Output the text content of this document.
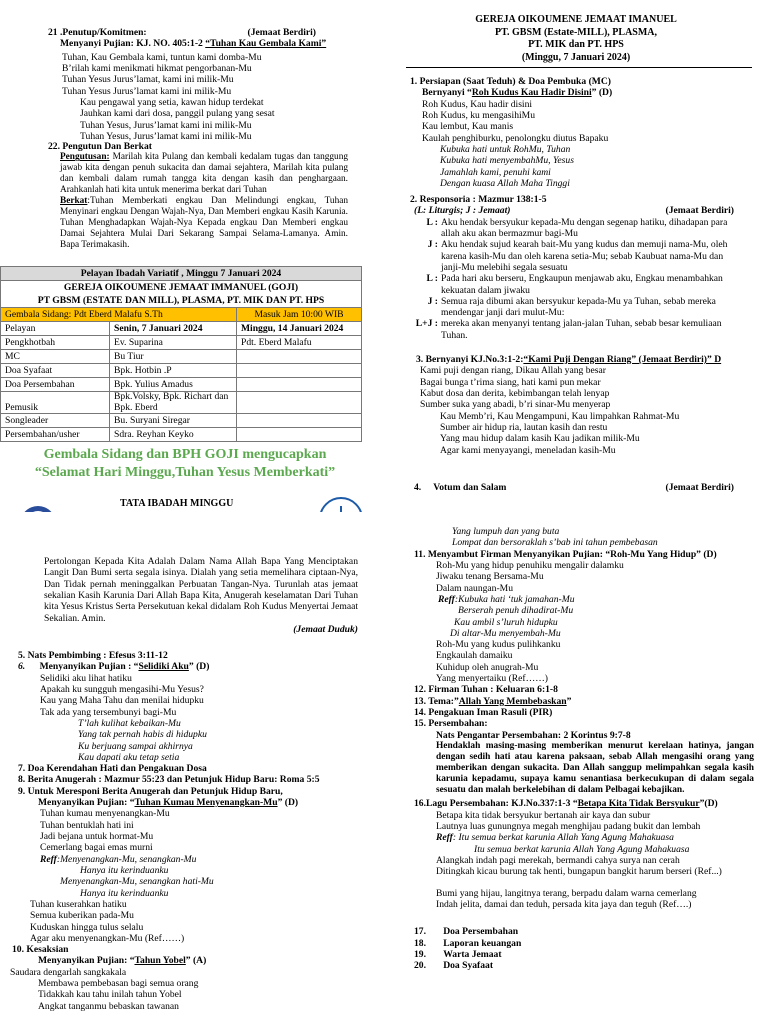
21 .Penutup/Komitmen:	(Jemaat Berdiri)
Menyanyi Pujian: KJ. NO. 405:1-2 “Tuhan Kau Gembala Kami”
Tuhan, Kau Gembala kami, tuntun kami domba-Mu
B’rilah kami menikmati hikmat pengorbanan-Mu
Tuhan Yesus Jurus’lamat, kami ini milik-Mu
Tuhan Yesus Jurus’lamat kami ini milik-Mu
Kau pengawal yang setia, kawan hidup terdekat
Jauhkan kami dari dosa, panggil pulang yang sesat
Tuhan Yesus, Jurus’lamat kami ini milik-Mu
Tuhan Yesus, Jurus’lamat kami ini milik-Mu
22. Pengutun Dan Berkat
Pengutusan: Marilah kita Pulang dan kembali kedalam tugas dan tanggung jawab kita dengan penuh sukacita dan damai sejahtera, Marilah kita pulang dan kembali dalam rumah tangga kita dengan kasih dan penghargaan. Arahkanlah hati kita untuk menerima berkat dari Tuhan
Berkat:Tuhan Memberkati engkau Dan Melindungi engkau, Tuhan Menyinari engkau Dengan Wajah-Nya, Dan Memberi engkau Kasih Karunia. Tuhan Menghadapkan Wajah-Nya Kepada engkau Dan Memberi engkau Damai Sejahtera Mulai Dari Sekarang Sampai Selama-Lamanya. Amin. Bapa Terimakasih.
Pelayan Ibadah Variatif , Minggu 7 Januari 2024		
GEREJA OIKOUMENE JEMAAT IMMANUEL (GOJI)		
PT GBSM (ESTATE DAN MILL), PLASMA, PT. MIK DAN PT. HPS		
Gembala Sidang: Pdt Eberd Malafu S.Th		Masuk Jam 10:00 WIB
Pelayan	Senin, 7 Januari 2024	Minggu, 14 Januari 2024
Pengkhotbah	Ev. Suparina	Pdt. Eberd Malafu
MC	Bu Tiur	
Doa Syafaat	Bpk. Hotbin .P	
Doa Persembahan	Bpk. Yulius Amadus	
Pemusik	Bpk.Volsky, Bpk. Richart dan Bpk. Eberd	
Songleader	Bu. Suryani Siregar	
Persembahan/usher	Sdra. Reyhan Keyko	
Gembala Sidang dan BPH GOJI mengucapkan
“Selamat Hari Minggu,Tuhan Yesus Memberkati”
TATA IBADAH MINGGU
GEREJA OIKOUMENE JEMAAT IMANUEL
PT. GBSM (Estate-MILL), PLASMA,
PT. MIK dan PT. HPS
(Minggu, 7 Januari 2024)
1. Persiapan (Saat Teduh) & Doa Pembuka (MC)
Bernyanyi “Roh Kudus Kau Hadir Disini” (D)
Roh Kudus, Kau hadir disini
Roh Kudus, ku mengasihiMu
Kau lembut, Kau manis
Kaulah penghiburku, penolongku diutus Bapaku
Kubuka hati untuk RohMu, Tuhan
Kubuka hati menyembahMu, Yesus
Jamahlah kami, penuhi kami
Dengan kuasa Allah Maha Tinggi
2. Responsoria : Mazmur 138:1-5
(L: Liturgis; J : Jemaat)	(Jemaat Berdiri)
L : Aku hendak bersyukur kepada-Mu dengan segenap hatiku, dihadapan para allah aku akan bermazmur bagi-Mu
J : Aku hendak sujud kearah bait-Mu yang kudus dan memuji nama-Mu, oleh karena kasih-Mu dan oleh karena setia-Mu; sebab Kaubuat nama-Mu dan janji-Mu melebihi segala sesuatu
L : Pada hari aku berseru, Engkaupun menjawab aku, Engkau menambahkan kekuatan dalam jiwaku
J : Semua raja dibumi akan bersyukur kepada-Mu ya Tuhan, sebab mereka mendengar janji dari mulut-Mu:
L+J : mereka akan menyanyi tentang jalan-jalan Tuhan, sebab besar kemuliaan Tuhan.
3. Bernyanyi KJ.No.3:1-2:“Kami Puji Dengan Riang” (Jemaat Berdiri)” D
Kami puji dengan riang, Dikau Allah yang besar
Bagai bunga t’rima siang, hati kami pun mekar
Kabut dosa dan derita, kebimbangan telah lenyap
Sumber suka yang abadi, b’ri sinar-Mu menyerap
Kau Memb’ri, Kau Mengampuni, Kau limpahkan Rahmat-Mu
Sumber air hidup ria, lautan kasih dan restu
Yang mau hidup dalam kasih Kau jadikan milik-Mu
Agar kami menyayangi, meneladan kasih-Mu
4. Votum dan Salam	(Jemaat Berdiri)
Pertolongan Kepada Kita Adalah Dalam Nama Allah Bapa Yang Menciptakan Langit Dan Bumi serta segala isinya. Dialah yang setia memelihara ciptaan-Nya, Dan Tidak pernah meninggalkan Perbuatan Tangan-Nya. Turunlah atas jemaat sekalian Kasih Karunia Dari Allah Bapa Kita, Anugerah keselamatan Dari Tuhan kita Yesus Kristus Serta Persekutuan kekal didalam Roh Kudus Menyertai Jemaat Sekalian. Amin.
(Jemaat Duduk)
5. Nats Pembimbing : Efesus 3:11-12
6. Menyanyikan Pujian : “Selidiki Aku” (D)
Selidiki aku lihat hatiku
Apakah ku sungguh mengasihi-Mu Yesus?
Kau yang Maha Tahu dan menilai hidupku
Tak ada yang tersembunyi bagi-Mu
T’lah kulihat kebaikan-Mu
Yang tak pernah habis di hidupku
Ku berjuang sampai akhirnya
Kau dapati aku tetap setia
7. Doa Kerendahan Hati dan Pengakuan Dosa
8. Berita Anugerah : Mazmur 55:23 dan Petunjuk Hidup Baru: Roma 5:5
9. Untuk Meresponi Berita Anugerah dan Petunjuk Hidup Baru,
Menyanyikan Pujian: “Tuhan Kumau Menyenangkan-Mu” (D)
Tuhan kumau menyenangkan-Mu
Tuhan bentuklah hati ini
Jadi bejana untuk hormat-Mu
Cemerlang bagai emas murni
Reff:Menyenangkan-Mu, senangkan-Mu
Hanya itu kerinduanku
Menyenangkan-Mu, senangkan hati-Mu
Hanya itu kerinduanku
Tuhan kuserahkan hatiku
Semua kuberikan pada-Mu
Kuduskan hingga tulus selalu
Agar aku menyenangkan-Mu (Ref……)
10. Kesaksian
Menyanyikan Pujian: “Tahun Yobel” (A)
Saudara dengarlah sangkakala
Membawa pembebasan bagi semua orang
Tidakkah kau tahu inilah tahun Yobel
Angkat tanganmu bebaskan tawanan
Yang lumpuh dan yang buta
Lompat dan bersoraklah s’bab ini tahun pembebasan
11. Menyambut Firman Menyanyikan Pujian: “Roh-Mu Yang Hidup” (D)
Roh-Mu yang hidup penuhiku mengalir dalamku
Jiwaku tenang Bersama-Mu
Dalam naungan-Mu
Reff:Kubuka hati ‘tuk jamahan-Mu
Berserah penuh dihadirat-Mu
Kau ambil s’luruh hidupku
Di altar-Mu menyembah-Mu
Roh-Mu yang kudus pulihkanku
Engkaulah damaiku
Kuhidup oleh anugrah-Mu
Yang menyertaiku (Ref……)
12. Firman Tuhan : Keluaran 6:1-8
13. Tema:”Allah Yang Membebaskan”
14. Pengakuan Iman Rasuli (PIR)
15. Persembahan:
Nats Pengantar Persembahan: 2 Korintus 9:7-8
Hendaklah masing-masing memberikan menurut kerelaan hatinya, jangan dengan sedih hati atau karena paksaan, sebab Allah mengasihi orang yang memberikan dengan sukacita. Dan Allah sanggup melimpahkan segala kasih karunia kepadamu, supaya kamu senantiasa berkecukupan di dalam segala sesuatu dan malah berkelebihan di dalam Pelbagai kebajikan.
16.Lagu Persembahan: KJ.No.337:1-3 “Betapa Kita Tidak Bersyukur”(D)
Betapa kita tidak bersyukur bertanah air kaya dan subur
Lautnya luas gunungnya megah menghijau padang bukit dan lembah
Reff: Itu semua berkat karunia Allah Yang Agung Mahakuasa
Itu semua berkat karunia Allah Yang Agung Mahakuasa
Alangkah indah pagi merekah, bermandi cahya surya nan cerah
Ditingkah kicau burung tak henti, bungapun bangkit harum berseri (Ref...)
Bumi yang hijau, langitnya terang, berpadu dalam warna cemerlang
Indah jelita, damai dan teduh, persada kita jaya dan teguh (Ref….)
17. Doa Persembahan
18. Laporan keuangan
19. Warta Jemaat
20. Doa Syafaat
